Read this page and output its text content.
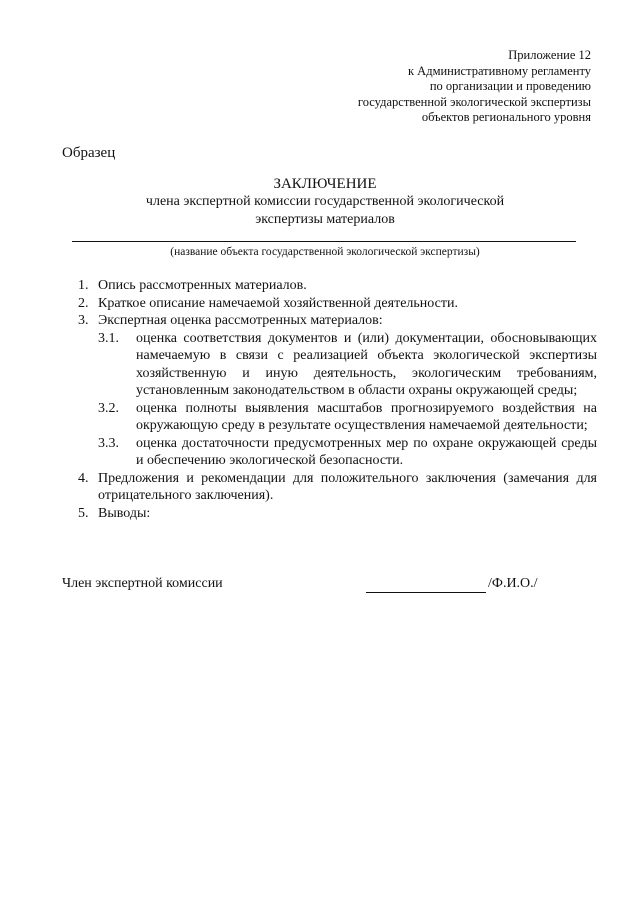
Приложение 12
к Административному регламенту
по организации и проведению
государственной экологической экспертизы
объектов регионального уровня
Образец
ЗАКЛЮЧЕНИЕ
члена экспертной комиссии государственной экологической
экспертизы материалов
(название объекта государственной экологической экспертизы)
1. Опись рассмотренных материалов.
2. Краткое описание намечаемой хозяйственной деятельности.
3. Экспертная оценка рассмотренных материалов:
3.1. оценка соответствия документов и (или) документации, обосновывающих намечаемую в связи с реализацией объекта экологической экспертизы хозяйственную и иную деятельность, экологическим требованиям, установленным законодательством в области охраны окружающей среды;
3.2. оценка полноты выявления масштабов прогнозируемого воздействия на окружающую среду в результате осуществления намечаемой деятельности;
3.3. оценка достаточности предусмотренных мер по охране окружающей среды и обеспечению экологической безопасности.
4. Предложения и рекомендации для положительного заключения (замечания для отрицательного заключения).
5. Выводы:
Член экспертной комиссии	/Ф.И.О./
